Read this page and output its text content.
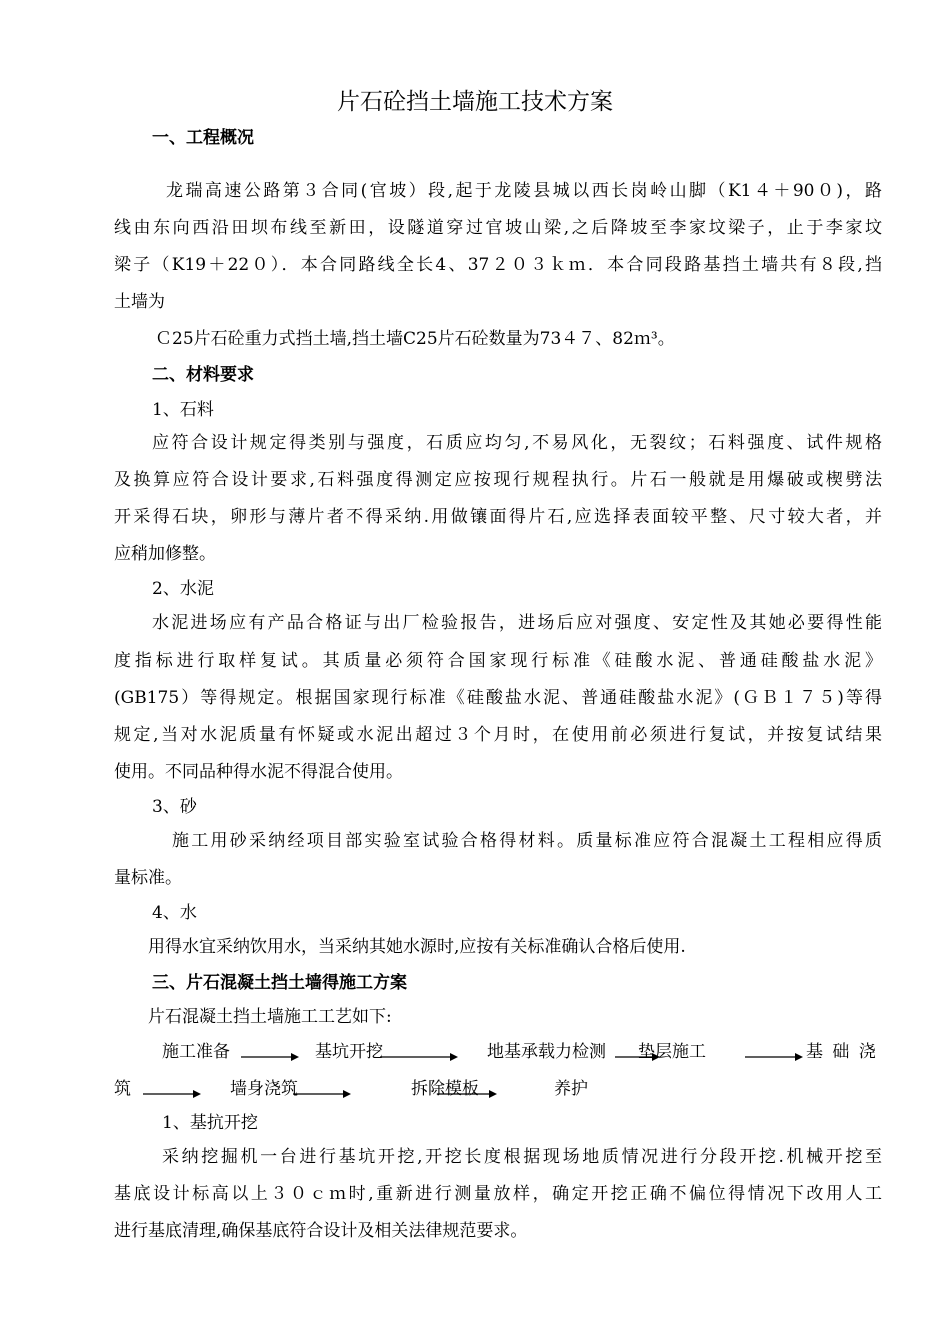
片石砼挡土墙施工技术方案
一、工程概况
龙瑞高速公路第３合同(官坡）段,起于龙陵县城以西长岗岭山脚（K1４＋90０)，路
线由东向西沿田坝布线至新田，设隧道穿过官坡山梁,之后降坡至李家坟梁子，止于李家坟
梁子（K19＋22０）．本合同路线全长4、37２０３ｋｍ．本合同段路基挡土墙共有８段,挡
土墙为
Ｃ25片石砼重力式挡土墙,挡土墙C25片石砼数量为73４７、82ｍ³。
二、材料要求
1、石料
应符合设计规定得类别与强度，石质应均匀,不易风化，无裂纹；石料强度、试件规格
及换算应符合设计要求,石料强度得测定应按现行规程执行。片石一般就是用爆破或楔劈法
开采得石块，卵形与薄片者不得采纳.用做镶面得片石,应选择表面较平整、尺寸较大者，并
应稍加修整。
2、水泥
水泥进场应有产品合格证与出厂检验报告，进场后应对强度、安定性及其她必要得性能
度指标进行取样复试。其质量必须符合国家现行标准《硅酸水泥、普通硅酸盐水泥》
(GB175）等得规定。根据国家现行标准《硅酸盐水泥、普通硅酸盐水泥》(ＧＢ１７５)等得
规定,当对水泥质量有怀疑或水泥出超过３个月时，在使用前必须进行复试，并按复试结果
使用。不同品种得水泥不得混合使用。
3、砂
施工用砂采纳经项目部实验室试验合格得材料。质量标准应符合混凝土工程相应得质
量标准。
4、水
用得水宜采纳饮用水，当采纳其她水源时,应按有关标准确认合格后使用.
三、片石混凝土挡土墙得施工方案
片石混凝土挡土墙施工工艺如下:
施工准备	基坑开挖	地基承载力检测 垫层施工	基 础 浇
筑	墙身浇筑	拆除模板	养护
1、基抗开挖
采纳挖掘机一台进行基坑开挖,开挖长度根据现场地质情况进行分段开挖.机械开挖至
基底设计标高以上３０ｃｍ时,重新进行测量放样，确定开挖正确不偏位得情况下改用人工
进行基底清理,确保基底符合设计及相关法律规范要求。
